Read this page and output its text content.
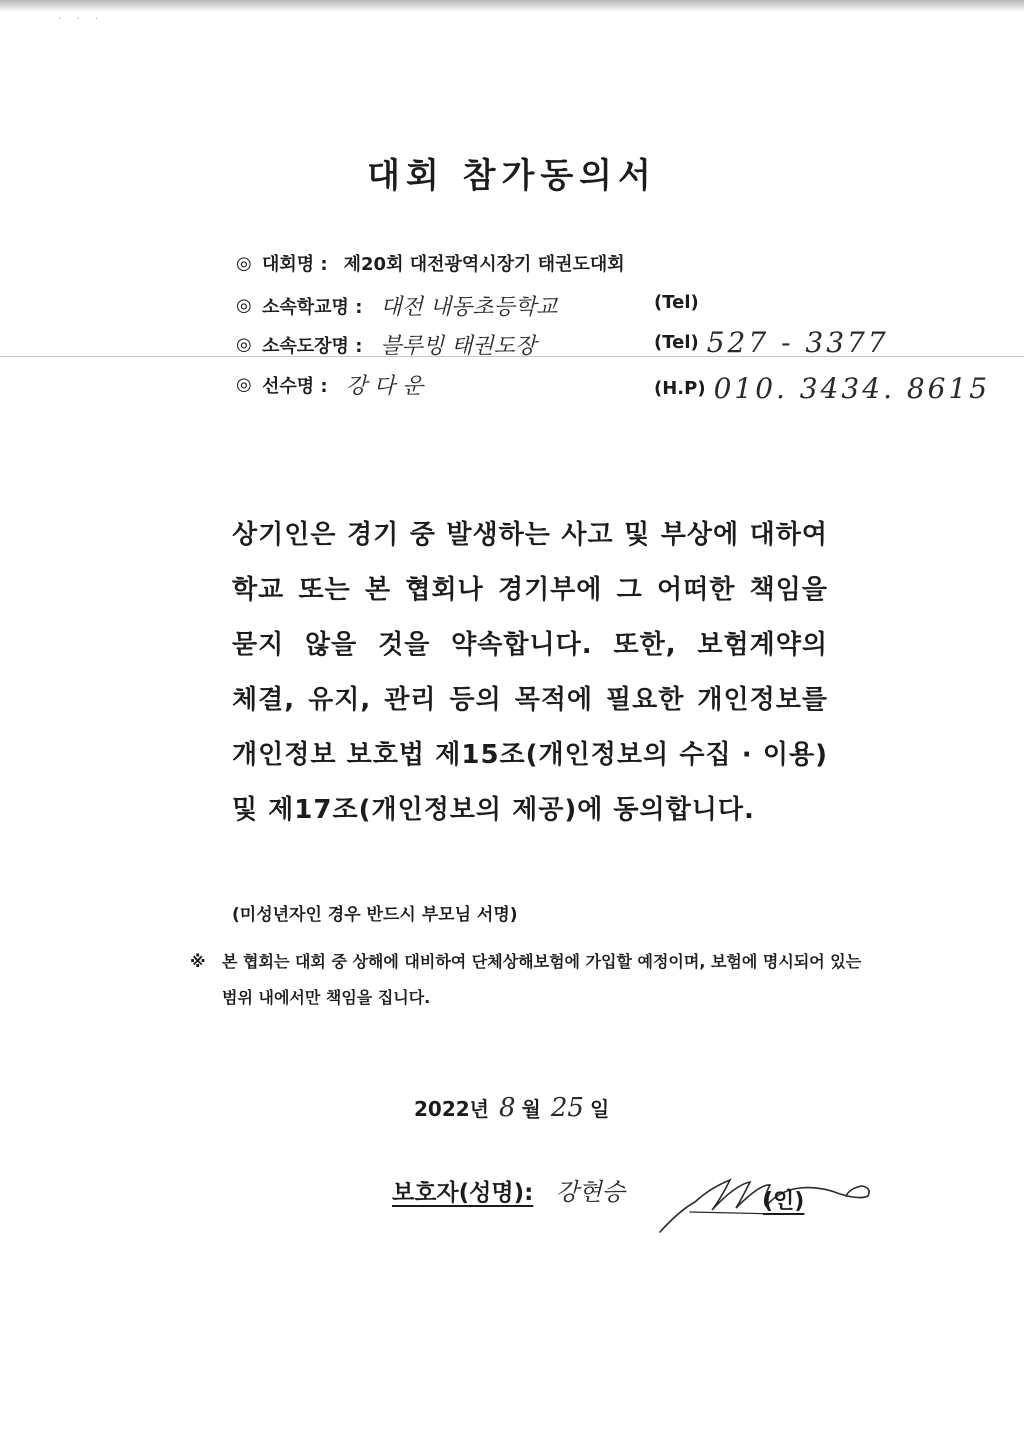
· · ·
대회 참가동의서
◎ 대회명 : 제20회 대전광역시장기 태권도대회
◎ 소속학교명 : 대전 내동초등학교	(Tel)
◎ 소속도장명 : 블루빙 태권도장	(Tel) 527 - 3377
◎ 선수명 : 강 다 운	(H.P) 010. 3434. 8615
상기인은 경기 중 발생하는 사고 및 부상에 대하여 학교 또는 본 협회나 경기부에 그 어떠한 책임을 묻지 않을 것을 약속합니다. 또한, 보험계약의 체결, 유지, 관리 등의 목적에 필요한 개인정보를 개인정보 보호법 제15조(개인정보의 수집 · 이용) 및 제17조(개인정보의 제공)에 동의합니다.
(미성년자인 경우 반드시 부모님 서명)
※	본 협회는 대회 중 상해에 대비하여 단체상해보험에 가입할 예정이며, 보험에 명시되어 있는 범위 내에서만 책임을 집니다.
2022년 8 월 25 일
보호자(성명): 강현승	(인)
